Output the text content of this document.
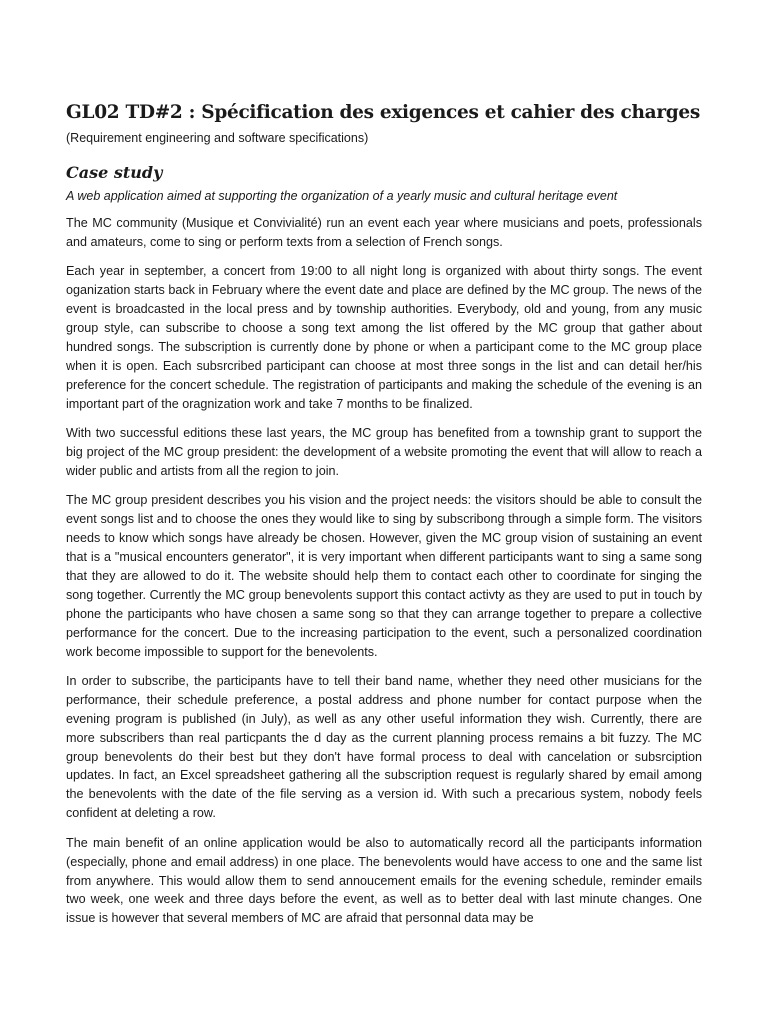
GL02 TD#2 : Spécification des exigences et cahier des charges

(Requirement engineering and software specifications)

Case study

A web application aimed at supporting the organization of a yearly music and cultural heritage event

The MC community (Musique et Convivialité) run an event each year where musicians and poets, professionals and amateurs, come to sing or perform texts from a selection of French songs.

Each year in september, a concert from 19:00 to all night long is organized with about thirty songs. The event oganization starts back in February where the event date and place are defined by the MC group. The news of the event is broadcasted in the local press and by township authorities. Everybody, old and young, from any music group style, can subscribe to choose a song text among the list offered by the MC group that gather about hundred songs. The subscription is currently done by phone or when a participant come to the MC group place when it is open. Each subsrcribed participant can choose at most three songs in the list and can detail her/his preference for the concert schedule. The registration of participants and making the schedule of the evening is an important part of the oragnization work and take 7 months to be finalized.

With two successful editions these last years, the MC group has benefited from a township grant to support the big project of the MC group president: the development of a website promoting the event that will allow to reach a wider public and artists from all the region to join.

The MC group president describes you his vision and the project needs: the visitors should be able to consult the event songs list and to choose the ones they would like to sing by subscribong through a simple form. The visitors needs to know which songs have already be chosen. However, given the MC group vision of sustaining an event that is a "musical encounters generator", it is very important when different participants want to sing a same song that they are allowed to do it. The website should help them to contact each other to coordinate for singing the song together. Currently the MC group benevolents support this contact activty as they are used to put in touch by phone the participants who have chosen a same song so that they can arrange together to prepare a collective performance for the concert. Due to the increasing participation to the event, such a personalized coordination work become impossible to support for the benevolents.

In order to subscribe, the participants have to tell their band name, whether they need other musicians for the performance, their schedule preference, a postal address and phone number for contact purpose when the evening program is published (in July), as well as any other useful information they wish. Currently, there are more subscribers than real particpants the d day as the current planning process remains a bit fuzzy. The MC group benevolents do their best but they don't have formal process to deal with cancelation or subsrciption updates. In fact, an Excel spreadsheet gathering all the subscription request is regularly shared by email among the benevolents with the date of the file serving as a version id. With such a precarious system, nobody feels confident at deleting a row.

The main benefit of an online application would be also to automatically record all the participants information (especially, phone and email address) in one place. The benevolents would have access to one and the same list from anywhere. This would allow them to send annoucement emails for the evening schedule, reminder emails two week, one week and three days before the event, as well as to better deal with last minute changes. One issue is however that several members of MC are afraid that personnal data may be
